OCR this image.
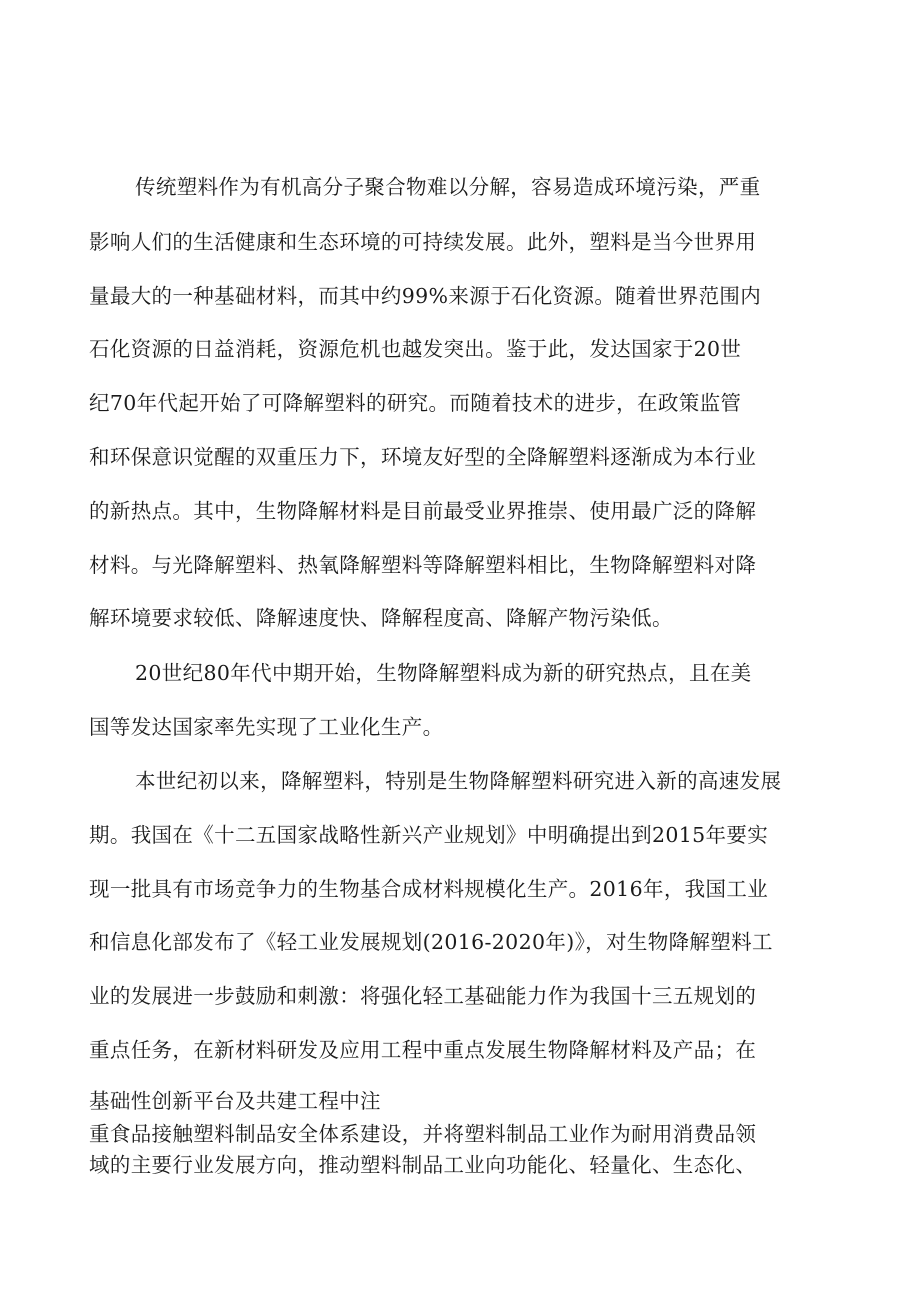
传统塑料作为有机高分子聚合物难以分解，容易造成环境污染，严重
影响人们的生活健康和生态环境的可持续发展。此外，塑料是当今世界用
量最大的一种基础材料，而其中约99%来源于石化资源。随着世界范围内
石化资源的日益消耗，资源危机也越发突出。鉴于此，发达国家于20世
纪70年代起开始了可降解塑料的研究。而随着技术的进步，在政策监管
和环保意识觉醒的双重压力下，环境友好型的全降解塑料逐渐成为本行业
的新热点。其中，生物降解材料是目前最受业界推崇、使用最广泛的降解
材料。与光降解塑料、热氧降解塑料等降解塑料相比，生物降解塑料对降
解环境要求较低、降解速度快、降解程度高、降解产物污染低。
20世纪80年代中期开始，生物降解塑料成为新的研究热点，且在美
国等发达国家率先实现了工业化生产。
本世纪初以来，降解塑料，特别是生物降解塑料研究进入新的高速发展
期。我国在《十二五国家战略性新兴产业规划》中明确提出到2015年要实
现一批具有市场竞争力的生物基合成材料规模化生产。2016年，我国工业
和信息化部发布了《轻工业发展规划(2016-2020年)》，对生物降解塑料工
业的发展进一步鼓励和刺激：将强化轻工基础能力作为我国十三五规划的
重点任务，在新材料研发及应用工程中重点发展生物降解材料及产品；在
基础性创新平台及共建工程中注
重食品接触塑料制品安全体系建设，并将塑料制品工业作为耐用消费品领
域的主要行业发展方向，推动塑料制品工业向功能化、轻量化、生态化、
